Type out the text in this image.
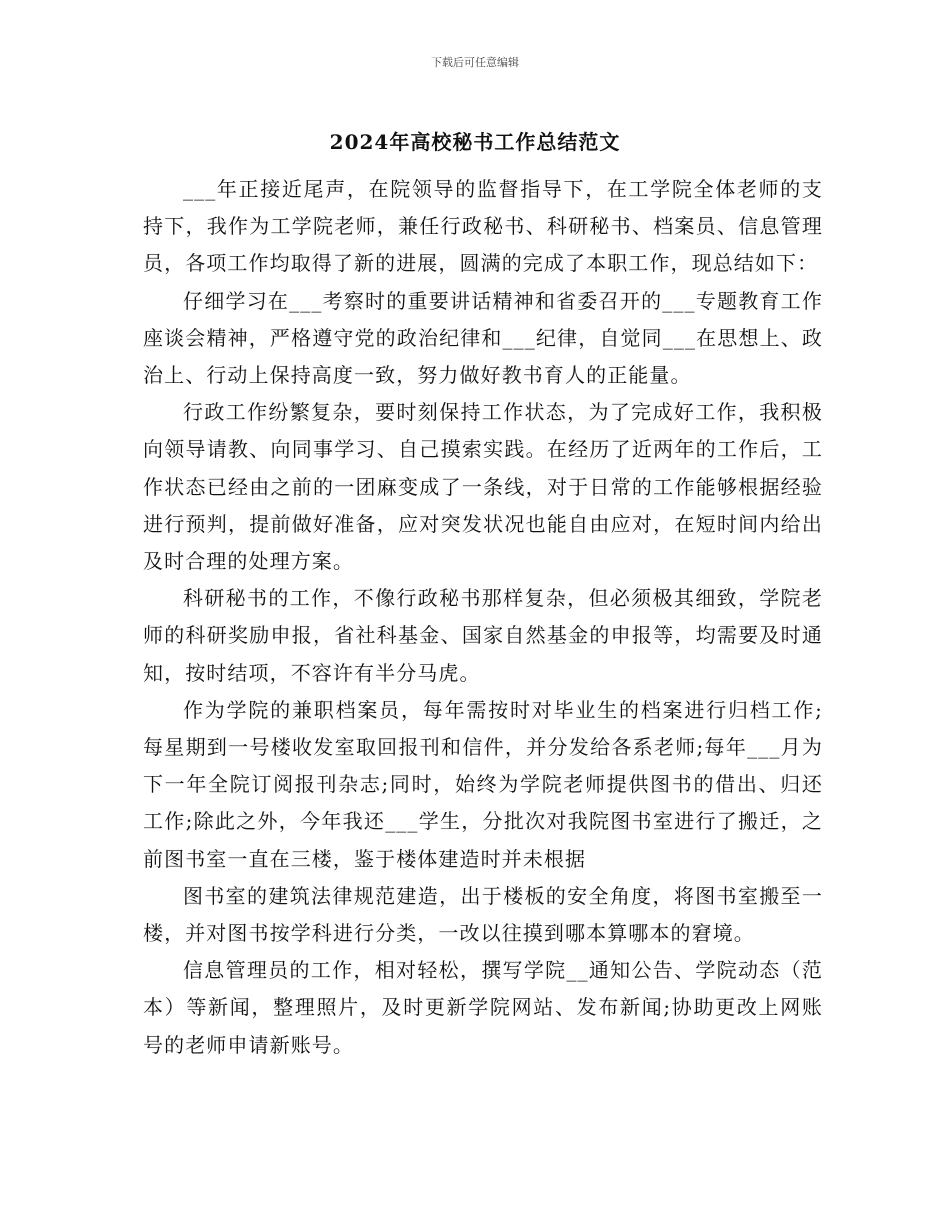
下载后可任意编辑
2024年高校秘书工作总结范文

___年正接近尾声，在院领导的监督指导下，在工学院全体老师的支持下，我作为工学院老师，兼任行政秘书、科研秘书、档案员、信息管理员，各项工作均取得了新的进展，圆满的完成了本职工作，现总结如下：

仔细学习在___考察时的重要讲话精神和省委召开的___专题教育工作座谈会精神，严格遵守党的政治纪律和___纪律，自觉同___在思想上、政治上、行动上保持高度一致，努力做好教书育人的正能量。

行政工作纷繁复杂，要时刻保持工作状态，为了完成好工作，我积极向领导请教、向同事学习、自己摸索实践。在经历了近两年的工作后，工作状态已经由之前的一团麻变成了一条线，对于日常的工作能够根据经验进行预判，提前做好准备，应对突发状况也能自由应对，在短时间内给出及时合理的处理方案。

科研秘书的工作，不像行政秘书那样复杂，但必须极其细致，学院老师的科研奖励申报，省社科基金、国家自然基金的申报等，均需要及时通知，按时结项，不容许有半分马虎。

作为学院的兼职档案员，每年需按时对毕业生的档案进行归档工作;每星期到一号楼收发室取回报刊和信件，并分发给各系老师;每年___月为下一年全院订阅报刊杂志;同时，始终为学院老师提供图书的借出、归还工作;除此之外，今年我还___学生，分批次对我院图书室进行了搬迁，之前图书室一直在三楼，鉴于楼体建造时并未根据

图书室的建筑法律规范建造，出于楼板的安全角度，将图书室搬至一楼，并对图书按学科进行分类，一改以往摸到哪本算哪本的窘境。

信息管理员的工作，相对轻松，撰写学院__通知公告、学院动态（范本）等新闻，整理照片，及时更新学院网站、发布新闻;协助更改上网账号的老师申请新账号。
